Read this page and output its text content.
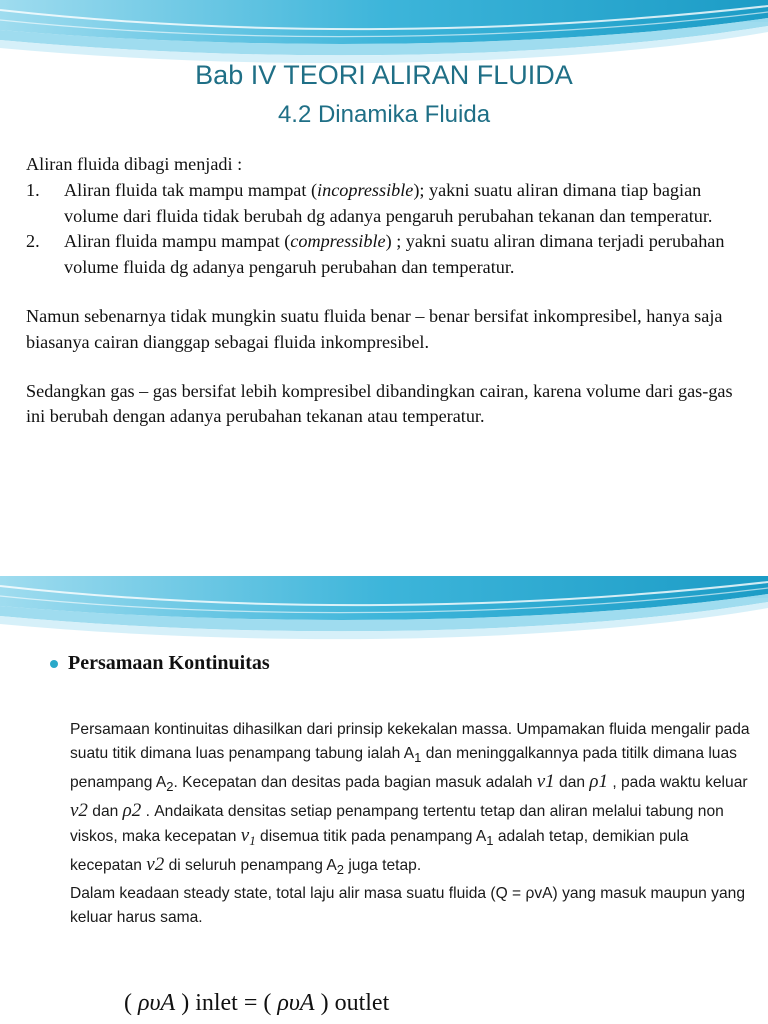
Bab IV TEORI ALIRAN FLUIDA
4.2 Dinamika Fluida

Aliran fluida dibagi menjadi :

1. Aliran fluida tak mampu mampat (incopressible); yakni suatu aliran dimana tiap bagian volume dari fluida tidak berubah dg adanya pengaruh perubahan tekanan dan temperatur.
2. Aliran fluida mampu mampat (compressible) ; yakni suatu aliran dimana terjadi perubahan volume fluida dg adanya pengaruh perubahan dan temperatur.

Namun sebenarnya tidak mungkin suatu fluida benar – benar bersifat inkompresibel, hanya saja biasanya cairan dianggap sebagai fluida inkompresibel.

Sedangkan gas – gas bersifat lebih kompresibel dibandingkan cairan, karena volume dari gas-gas ini berubah dengan adanya perubahan tekanan atau temperatur.

Persamaan Kontinuitas

Persamaan kontinuitas dihasilkan dari prinsip kekekalan massa. Umpamakan fluida mengalir pada suatu titik dimana luas penampang tabung ialah $A_1$ dan meninggalkannya pada titilk dimana luas penampang $A_2$. Kecepatan dan desitas pada bagian masuk adalah v1 dan ρ1 , pada waktu keluar v2 dan ρ2 . Andaikata densitas setiap penampang tertentu tetap dan aliran melalui tabung non viskos, maka kecepatan $v_1$ disemua titik pada penampang $A_1$ adalah tetap, demikian pula kecepatan v2 di seluruh penampang $A_2$ juga tetap.

Dalam keadaan steady state, total laju alir masa suatu fluida (Q = ρvA) yang masuk maupun yang keluar harus sama.

( ρυA ) inlet = ( ρυA ) outlet
